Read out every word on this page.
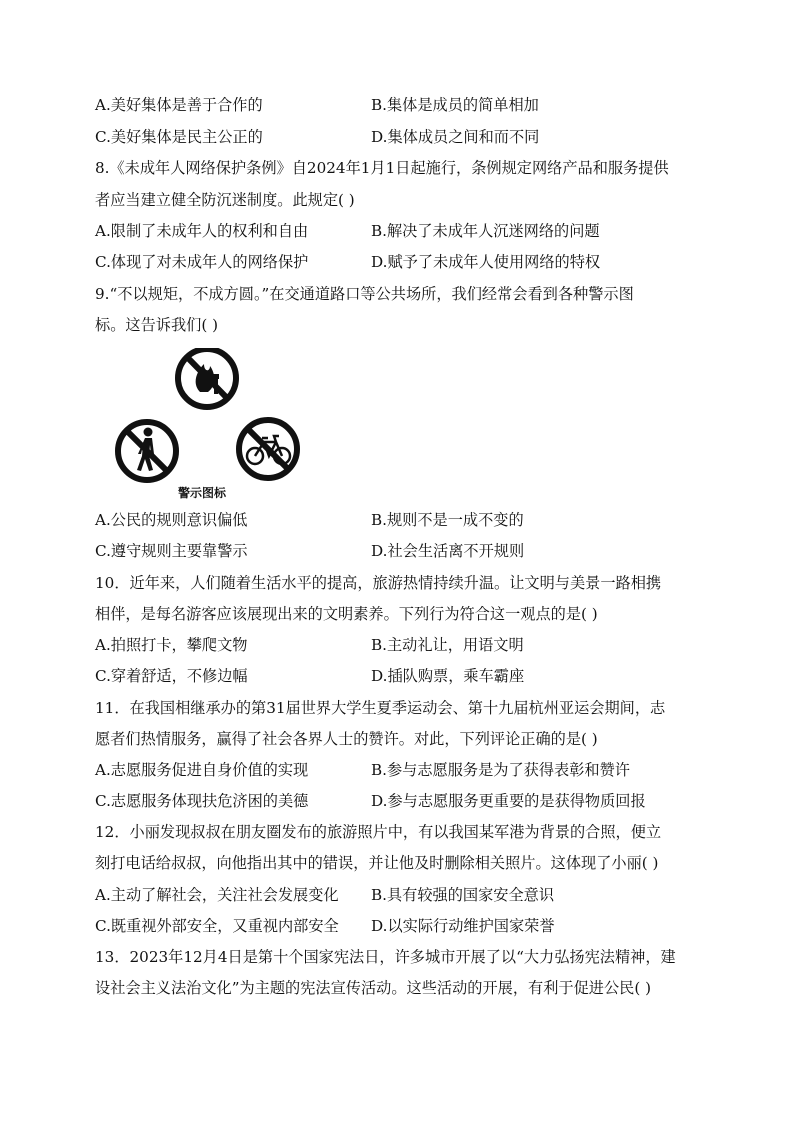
A.美好集体是善于合作的	B.集体是成员的简单相加
C.美好集体是民主公正的	D.集体成员之间和而不同
8.《未成年人网络保护条例》自2024年1月1日起施行，条例规定网络产品和服务提供
者应当建立健全防沉迷制度。此规定( )
A.限制了未成年人的权利和自由	B.解决了未成年人沉迷网络的问题
C.体现了对未成年人的网络保护	D.赋予了未成年人使用网络的特权
9.“不以规矩，不成方圆。”在交通道路口等公共场所，我们经常会看到各种警示图
标。这告诉我们( )
警示图标
A.公民的规则意识偏低	B.规则不是一成不变的
C.遵守规则主要靠警示	D.社会生活离不开规则
10．近年来，人们随着生活水平的提高，旅游热情持续升温。让文明与美景一路相携
相伴，是每名游客应该展现出来的文明素养。下列行为符合这一观点的是( )
A.拍照打卡，攀爬文物	B.主动礼让，用语文明
C.穿着舒适，不修边幅	D.插队购票，乘车霸座
11．在我国相继承办的第31届世界大学生夏季运动会、第十九届杭州亚运会期间，志
愿者们热情服务，赢得了社会各界人士的赞许。对此，下列评论正确的是( )
A.志愿服务促进自身价值的实现	B.参与志愿服务是为了获得表彰和赞许
C.志愿服务体现扶危济困的美德	D.参与志愿服务更重要的是获得物质回报
12．小丽发现叔叔在朋友圈发布的旅游照片中，有以我国某军港为背景的合照，便立
刻打电话给叔叔，向他指出其中的错误，并让他及时删除相关照片。这体现了小丽( )
A.主动了解社会，关注社会发展变化 B.具有较强的国家安全意识
C.既重视外部安全，又重视内部安全 D.以实际行动维护国家荣誉
13．2023年12月4日是第十个国家宪法日，许多城市开展了以“大力弘扬宪法精神，建
设社会主义法治文化”为主题的宪法宣传活动。这些活动的开展，有利于促进公民( )
